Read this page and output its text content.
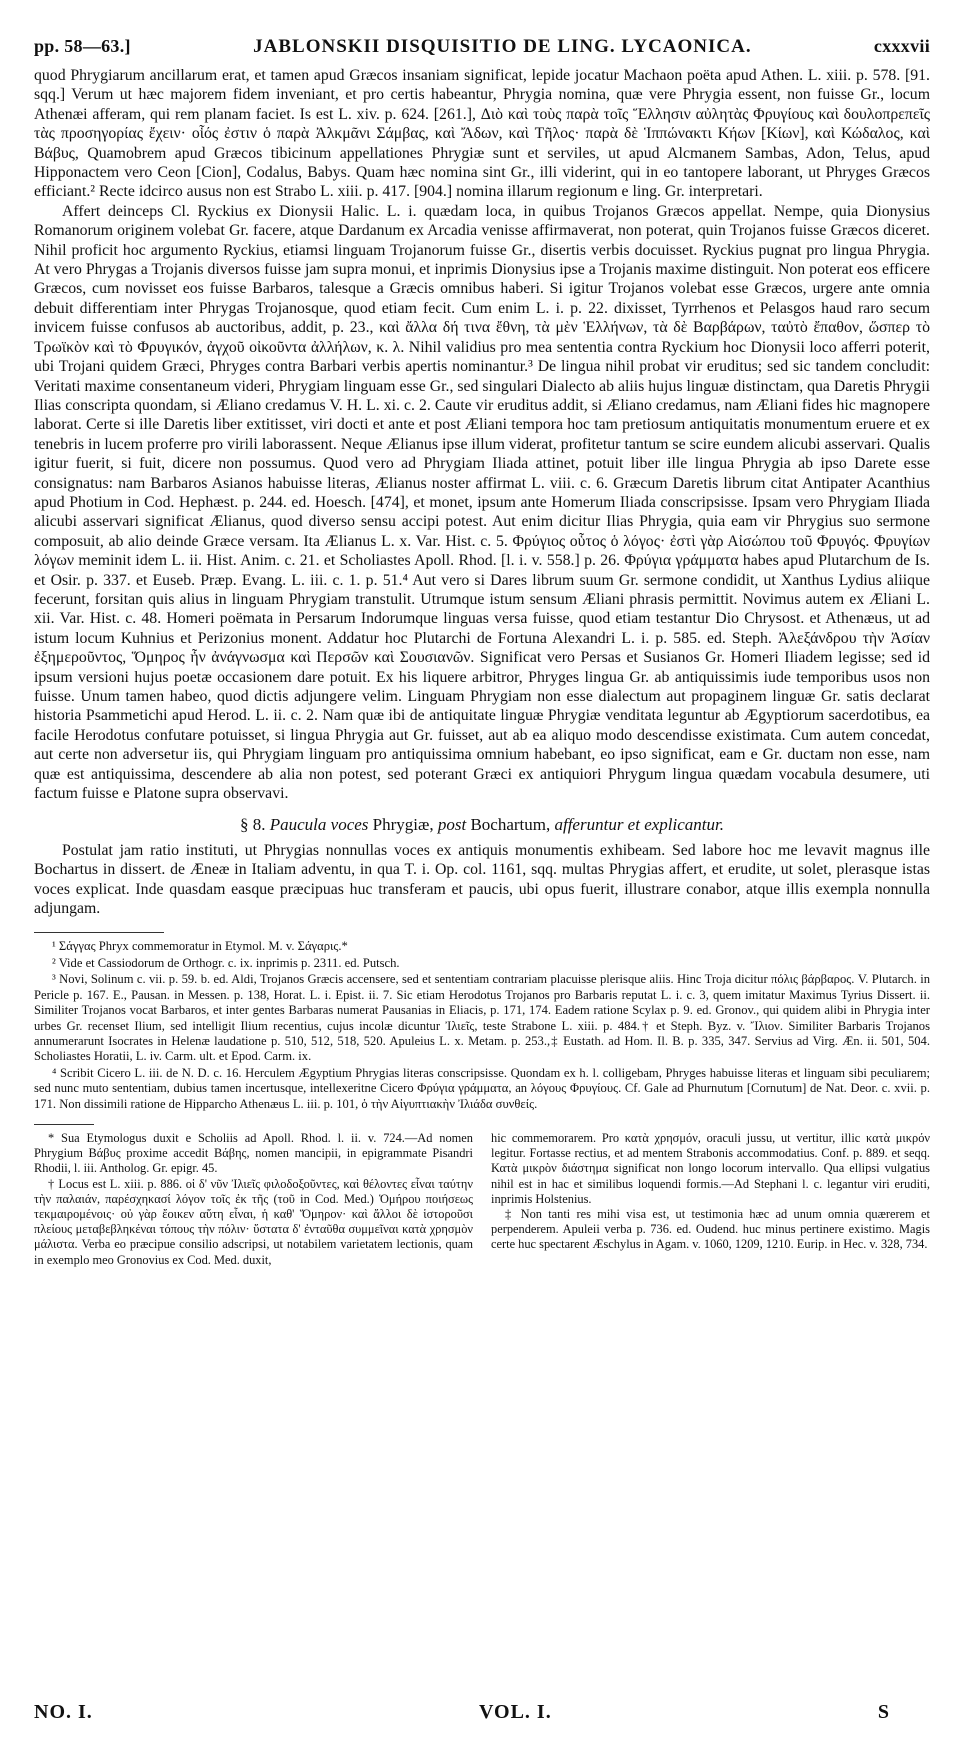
pp. 58—63.]	JABLONSKII DISQUISITIO DE LING. LYCAONICA.	cxxxvii

quod Phrygiarum ancillarum erat, et tamen apud Græcos insaniam significat, lepide jocatur Machaon poëta apud Athen. L. xiii. p. 578. [91. sqq.] Verum ut hæc majorem fidem inveniant, et pro certis habeantur, Phrygia nomina, quæ vere Phrygia essent, non fuisse Gr., locum Athenæi afferam, qui rem planam faciet. Is est L. xiv. p. 624. [261.], Διὸ καὶ τοὺς παρὰ τοῖς Ἕλλησιν αὐλητὰς Φρυγίους καὶ δουλοπρεπεῖς τὰς προσηγορίας ἔχειν· οἷός ἐστιν ὁ παρὰ Ἀλκμᾶνι Σάμβας, καὶ Ἄδων, καὶ Τῆλος· παρὰ δὲ Ἱππώνακτι Κήων [Κίων], καὶ Κώδαλος, καὶ Βάβυς, Quamobrem apud Græcos tibicinum appellationes Phrygiæ sunt et serviles, ut apud Alcmanem Sambas, Adon, Telus, apud Hipponactem vero Ceon [Cion], Codalus, Babys. Quam hæc nomina sint Gr., illi viderint, qui in eo tantopere laborant, ut Phryges Græcos efficiant.² Recte idcirco ausus non est Strabo L. xiii. p. 417. [904.] nomina illarum regionum e ling. Gr. interpretari.

Affert deinceps Cl. Ryckius ex Dionysii Halic. L. i. quædam loca, in quibus Trojanos Græcos appellat. Nempe, quia Dionysius Romanorum originem volebat Gr. facere, atque Dardanum ex Arcadia venisse affirmaverat, non poterat, quin Trojanos fuisse Græcos diceret. Nihil proficit hoc argumento Ryckius, etiamsi linguam Trojanorum fuisse Gr., disertis verbis docuisset. Ryckius pugnat pro lingua Phrygia. At vero Phrygas a Trojanis diversos fuisse jam supra monui, et inprimis Dionysius ipse a Trojanis maxime distinguit. Non poterat eos efficere Græcos, cum novisset eos fuisse Barbaros, talesque a Græcis omnibus haberi. Si igitur Trojanos volebat esse Græcos, urgere ante omnia debuit differentiam inter Phrygas Trojanosque, quod etiam fecit. Cum enim L. i. p. 22. dixisset, Tyrrhenos et Pelasgos haud raro secum invicem fuisse confusos ab auctoribus, addit, p. 23., καὶ ἄλλα δή τινα ἔθνη, τὰ μὲν Ἑλλήνων, τὰ δὲ Βαρβάρων, ταὐτὸ ἔπαθον, ὥσπερ τὸ Τρωϊκὸν καὶ τὸ Φρυγικόν, ἀγχοῦ οἰκοῦντα ἀλλήλων, κ. λ. Nihil validius pro mea sententia contra Ryckium hoc Dionysii loco afferri poterit, ubi Trojani quidem Græci, Phryges contra Barbari verbis apertis nominantur.³ De lingua nihil probat vir eruditus; sed sic tandem concludit: Veritati maxime consentaneum videri, Phrygiam linguam esse Gr., sed singulari Dialecto ab aliis hujus linguæ distinctam, qua Daretis Phrygii Ilias conscripta quondam, si Æliano credamus V. H. L. xi. c. 2. Caute vir eruditus addit, si Æliano credamus, nam Æliani fides hic magnopere laborat. Certe si ille Daretis liber extitisset, viri docti et ante et post Æliani tempora hoc tam pretiosum antiquitatis monumentum eruere et ex tenebris in lucem proferre pro virili laborassent. Neque Ælianus ipse illum viderat, profitetur tantum se scire eundem alicubi asservari. Qualis igitur fuerit, si fuit, dicere non possumus. Quod vero ad Phrygiam Iliada attinet, potuit liber ille lingua Phrygia ab ipso Darete esse consignatus: nam Barbaros Asianos habuisse literas, Ælianus noster affirmat L. viii. c. 6. Græcum Daretis librum citat Antipater Acanthius apud Photium in Cod. Hephæst. p. 244. ed. Hoesch. [474], et monet, ipsum ante Homerum Iliada conscripsisse. Ipsam vero Phrygiam Iliada alicubi asservari significat Ælianus, quod diverso sensu accipi potest. Aut enim dicitur Ilias Phrygia, quia eam vir Phrygius suo sermone composuit, ab alio deinde Græce versam. Ita Ælianus L. x. Var. Hist. c. 5. Φρύγιος οὗτος ὁ λόγος· ἐστὶ γὰρ Αἰσώπου τοῦ Φρυγός. Φρυγίων λόγων meminit idem L. ii. Hist. Anim. c. 21. et Scholiastes Apoll. Rhod. [l. i. v. 558.] p. 26. Φρύγια γράμματα habes apud Plutarchum de Is. et Osir. p. 337. et Euseb. Præp. Evang. L. iii. c. 1. p. 51.⁴ Aut vero si Dares librum suum Gr. sermone condidit, ut Xanthus Lydius aliique fecerunt, forsitan quis alius in linguam Phrygiam transtulit. Utrumque istum sensum Æliani phrasis permittit. Novimus autem ex Æliani L. xii. Var. Hist. c. 48. Homeri poëmata in Persarum Indorumque linguas versa fuisse, quod etiam testantur Dio Chrysost. et Athenæus, ut ad istum locum Kuhnius et Perizonius monent. Addatur hoc Plutarchi de Fortuna Alexandri L. i. p. 585. ed. Steph. Ἀλεξάνδρου τὴν Ἀσίαν ἐξημεροῦντος, Ὅμηρος ἦν ἀνάγνωσμα καὶ Περσῶν καὶ Σουσιανῶν. Significat vero Persas et Susianos Gr. Homeri Iliadem legisse; sed id ipsum versioni hujus poetæ occasionem dare potuit. Ex his liquere arbitror, Phryges lingua Gr. ab antiquissimis iude temporibus usos non fuisse. Unum tamen habeo, quod dictis adjungere velim. Linguam Phrygiam non esse dialectum aut propaginem linguæ Gr. satis declarat historia Psammetichi apud Herod. L. ii. c. 2. Nam quæ ibi de antiquitate linguæ Phrygiæ venditata leguntur ab Ægyptiorum sacerdotibus, ea facile Herodotus confutare potuisset, si lingua Phrygia aut Gr. fuisset, aut ab ea aliquo modo descendisse existimata. Cum autem concedat, aut certe non adversetur iis, qui Phrygiam linguam pro antiquissima omnium habebant, eo ipso significat, eam e Gr. ductam non esse, nam quæ est antiquissima, descendere ab alia non potest, sed poterant Græci ex antiquiori Phrygum lingua quædam vocabula desumere, uti factum fuisse e Platone supra observavi.

§ 8. Paucula voces Phrygiæ, post Bochartum, afferuntur et explicantur.

Postulat jam ratio instituti, ut Phrygias nonnullas voces ex antiquis monumentis exhibeam. Sed labore hoc me levavit magnus ille Bochartus in dissert. de Æneæ in Italiam adventu, in qua T. i. Op. col. 1161, sqq. multas Phrygias affert, et erudite, ut solet, plerasque istas voces explicat. Inde quasdam easque præcipuas huc transferam et paucis, ubi opus fuerit, illustrare conabor, atque illis exempla nonnulla adjungam.

¹ Σάγγας Phryx commemoratur in Etymol. M. v. Σάγαρις.*

² Vide et Cassiodorum de Orthogr. c. ix. inprimis p. 2311. ed. Putsch.

³ Novi, Solinum c. vii. p. 59. b. ed. Aldi, Trojanos Græcis accensere, sed et sententiam contrariam placuisse plerisque aliis. Hinc Troja dicitur πόλις βάρβαρος. V. Plutarch. in Pericle p. 167. E., Pausan. in Messen. p. 138, Horat. L. i. Epist. ii. 7. Sic etiam Herodotus Trojanos pro Barbaris reputat L. i. c. 3, quem imitatur Maximus Tyrius Dissert. ii. Similiter Trojanos vocat Barbaros, et inter gentes Barbaras numerat Pausanias in Eliacis, p. 171, 174. Eadem ratione Scylax p. 9. ed. Gronov., qui quidem alibi in Phrygia inter urbes Gr. recenset Ilium, sed intelligit Ilium recentius, cujus incolæ dicuntur Ἰλιεῖς, teste Strabone L. xiii. p. 484.† et Steph. Byz. v. Ἴλιον. Similiter Barbaris Trojanos annumerarunt Isocrates in Helenæ laudatione p. 510, 512, 518, 520. Apuleius L. x. Metam. p. 253.,‡ Eustath. ad Hom. Il. B. p. 335, 347. Servius ad Virg. Æn. ii. 501, 504. Scholiastes Horatii, L. iv. Carm. ult. et Epod. Carm. ix.

⁴ Scribit Cicero L. iii. de N. D. c. 16. Herculem Ægyptium Phrygias literas conscripsisse. Quondam ex h. l. colligebam, Phryges habuisse literas et linguam sibi peculiarem; sed nunc muto sententiam, dubius tamen incertusque, intellexeritne Cicero Φρύγια γράμματα, an λόγους Φρυγίους. Cf. Gale ad Phurnutum [Cornutum] de Nat. Deor. c. xvii. p. 171. Non dissimili ratione de Hipparcho Athenæus L. iii. p. 101, ὁ τὴν Αἰγυπτιακὴν Ἰλιάδα συνθείς.

* Sua Etymologus duxit e Scholiis ad Apoll. Rhod. l. ii. v. 724.—Ad nomen Phrygium Βάβυς proxime accedit Βάβης, nomen mancipii, in epigrammate Pisandri Rhodii, l. iii. Antholog. Gr. epigr. 45.

† Locus est L. xiii. p. 886. οἱ δ' νῦν Ἰλιεῖς φιλοδοξοῦντες, καὶ θέλοντες εἶναι ταύτην τὴν παλαιάν, παρέσχηκασί λόγον τοῖς ἐκ τῆς (τοῦ in Cod. Med.) Ὁμήρου ποιήσεως τεκμαιρομένοις· οὐ γὰρ ἔοικεν αὕτη εἶναι, ἡ καθ' Ὅμηρον· καὶ ἄλλοι δὲ ἱστοροῦσι πλείους μεταβεβληκέναι τόπους τὴν πόλιν· ὕστατα δ' ἐνταῦθα συμμεῖναι κατὰ χρησμὸν μάλιστα. Verba eo præcipue consilio adscripsi, ut notabilem varietatem lectionis, quam in exemplo meo Gronovius ex Cod. Med. duxit,

hic commemorarem. Pro κατὰ χρησμόν, oraculi jussu, ut vertitur, illic κατὰ μικρόν legitur. Fortasse rectius, et ad mentem Strabonis accommodatius. Conf. p. 889. et seqq. Κατὰ μικρὸν διάστημα significat non longo locorum intervallo. Qua ellipsi vulgatius nihil est in hac et similibus loquendi formis.—Ad Stephani l. c. legantur viri eruditi, inprimis Holstenius.

‡ Non tanti res mihi visa est, ut testimonia hæc ad unum omnia quærerem et perpenderem. Apuleii verba p. 736. ed. Oudend. huc minus pertinere existimo. Magis certe huc spectarent Æschylus in Agam. v. 1060, 1209, 1210. Eurip. in Hec. v. 328, 734.

NO. I.	VOL. I.	S
